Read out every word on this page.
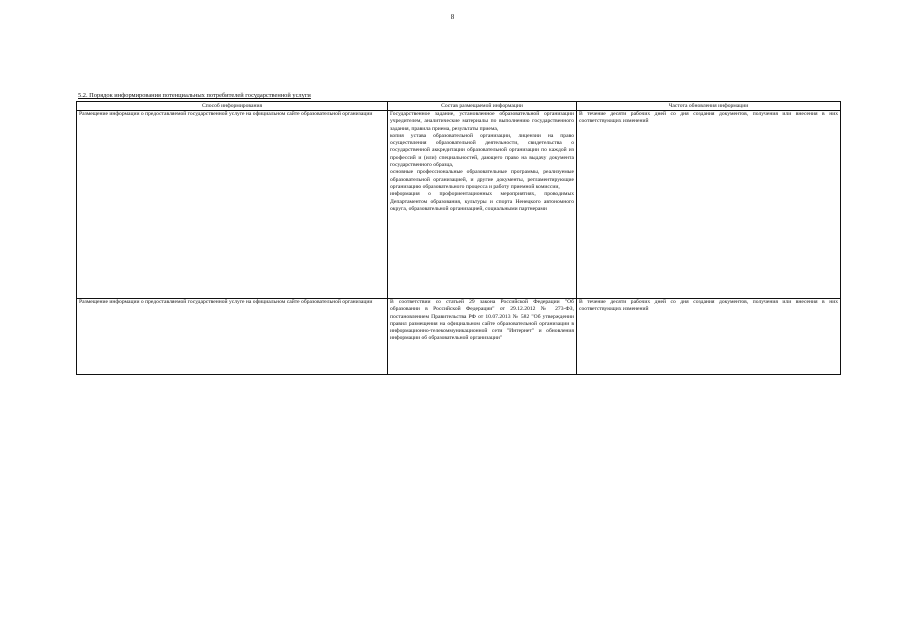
8
5.2. Порядок информирования потенциальных потребителей государственной услуги
Способ информирования	Состав размещаемой информации	Частота обновления информации
Размещение информации о предоставляемой государственной услуге на официальном сайте образовательной организации	Государственное задание, установленное образовательной организации учредителем, аналитические материалы по выполнению государственного задания, правила приема, результаты приема,
копия устава образовательной организации, лицензии на право осуществления образовательной деятельности, свидетельства о государственной аккредитации образовательной организации по каждой из профессий и (или) специальностей, дающего право на выдачу документа государственного образца,
основные профессиональные образовательные программы, реализуемые образовательной организацией, и другие документы, регламентирующие организацию образовательного процесса и работу приемной комиссии,
информация о профориентационных мероприятиях, проводимых Департаментом образования, культуры и спорта Ненецкого автономного округа, образовательной организацией, социальными партнерами	В течение десяти рабочих дней со дня создания документов, получения или внесения в них соответствующих изменений
Размещение информации о предоставляемой государственной услуге на официальном сайте образовательной организации	В соответствии со статьей 29 закона Российской Федерации "Об образовании в Российской Федерации" от 29.12.2012 № 273-ФЗ, постановлением Правительства РФ от 10.07.2013 № 582 "Об утверждении правил размещения на официальном сайте образовательной организации в информационно-телекоммуникационной сети "Интернет" и обновления информации об образовательной организации"	В течение десяти рабочих дней со дня создания документов, получения или внесения в них соответствующих изменений
